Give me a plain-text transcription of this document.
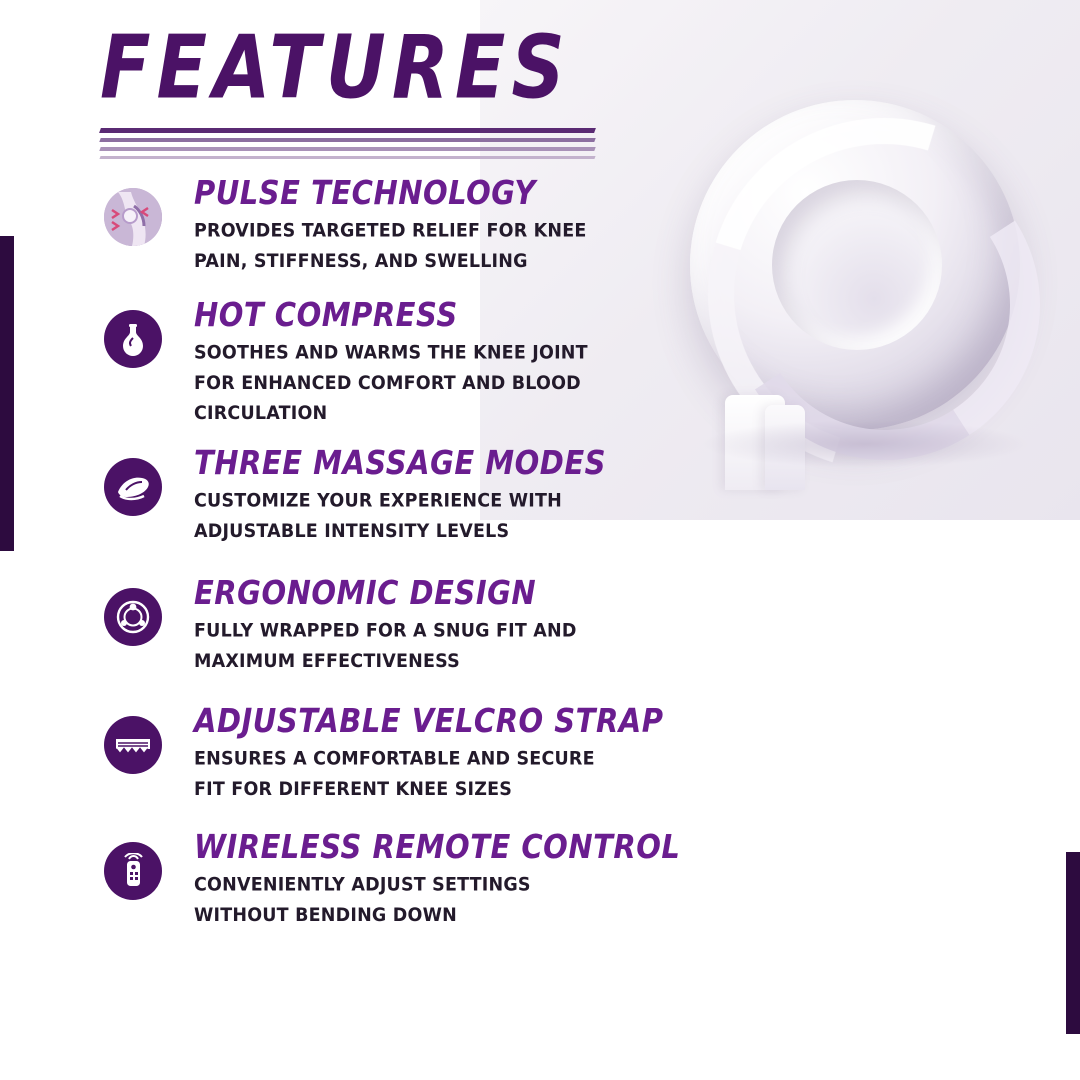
FEATURES
PULSE TECHNOLOGY

PROVIDES TARGETED RELIEF FOR KNEE PAIN, STIFFNESS, AND SWELLING

HOT COMPRESS

SOOTHES AND WARMS THE KNEE JOINT FOR ENHANCED COMFORT AND BLOOD CIRCULATION

THREE MASSAGE MODES

CUSTOMIZE YOUR EXPERIENCE WITH ADJUSTABLE INTENSITY LEVELS

ERGONOMIC DESIGN

FULLY WRAPPED FOR A SNUG FIT AND MAXIMUM EFFECTIVENESS

ADJUSTABLE VELCRO STRAP

ENSURES A COMFORTABLE AND SECURE FIT FOR DIFFERENT KNEE SIZES

WIRELESS REMOTE CONTROL

CONVENIENTLY ADJUST SETTINGS WITHOUT BENDING DOWN
